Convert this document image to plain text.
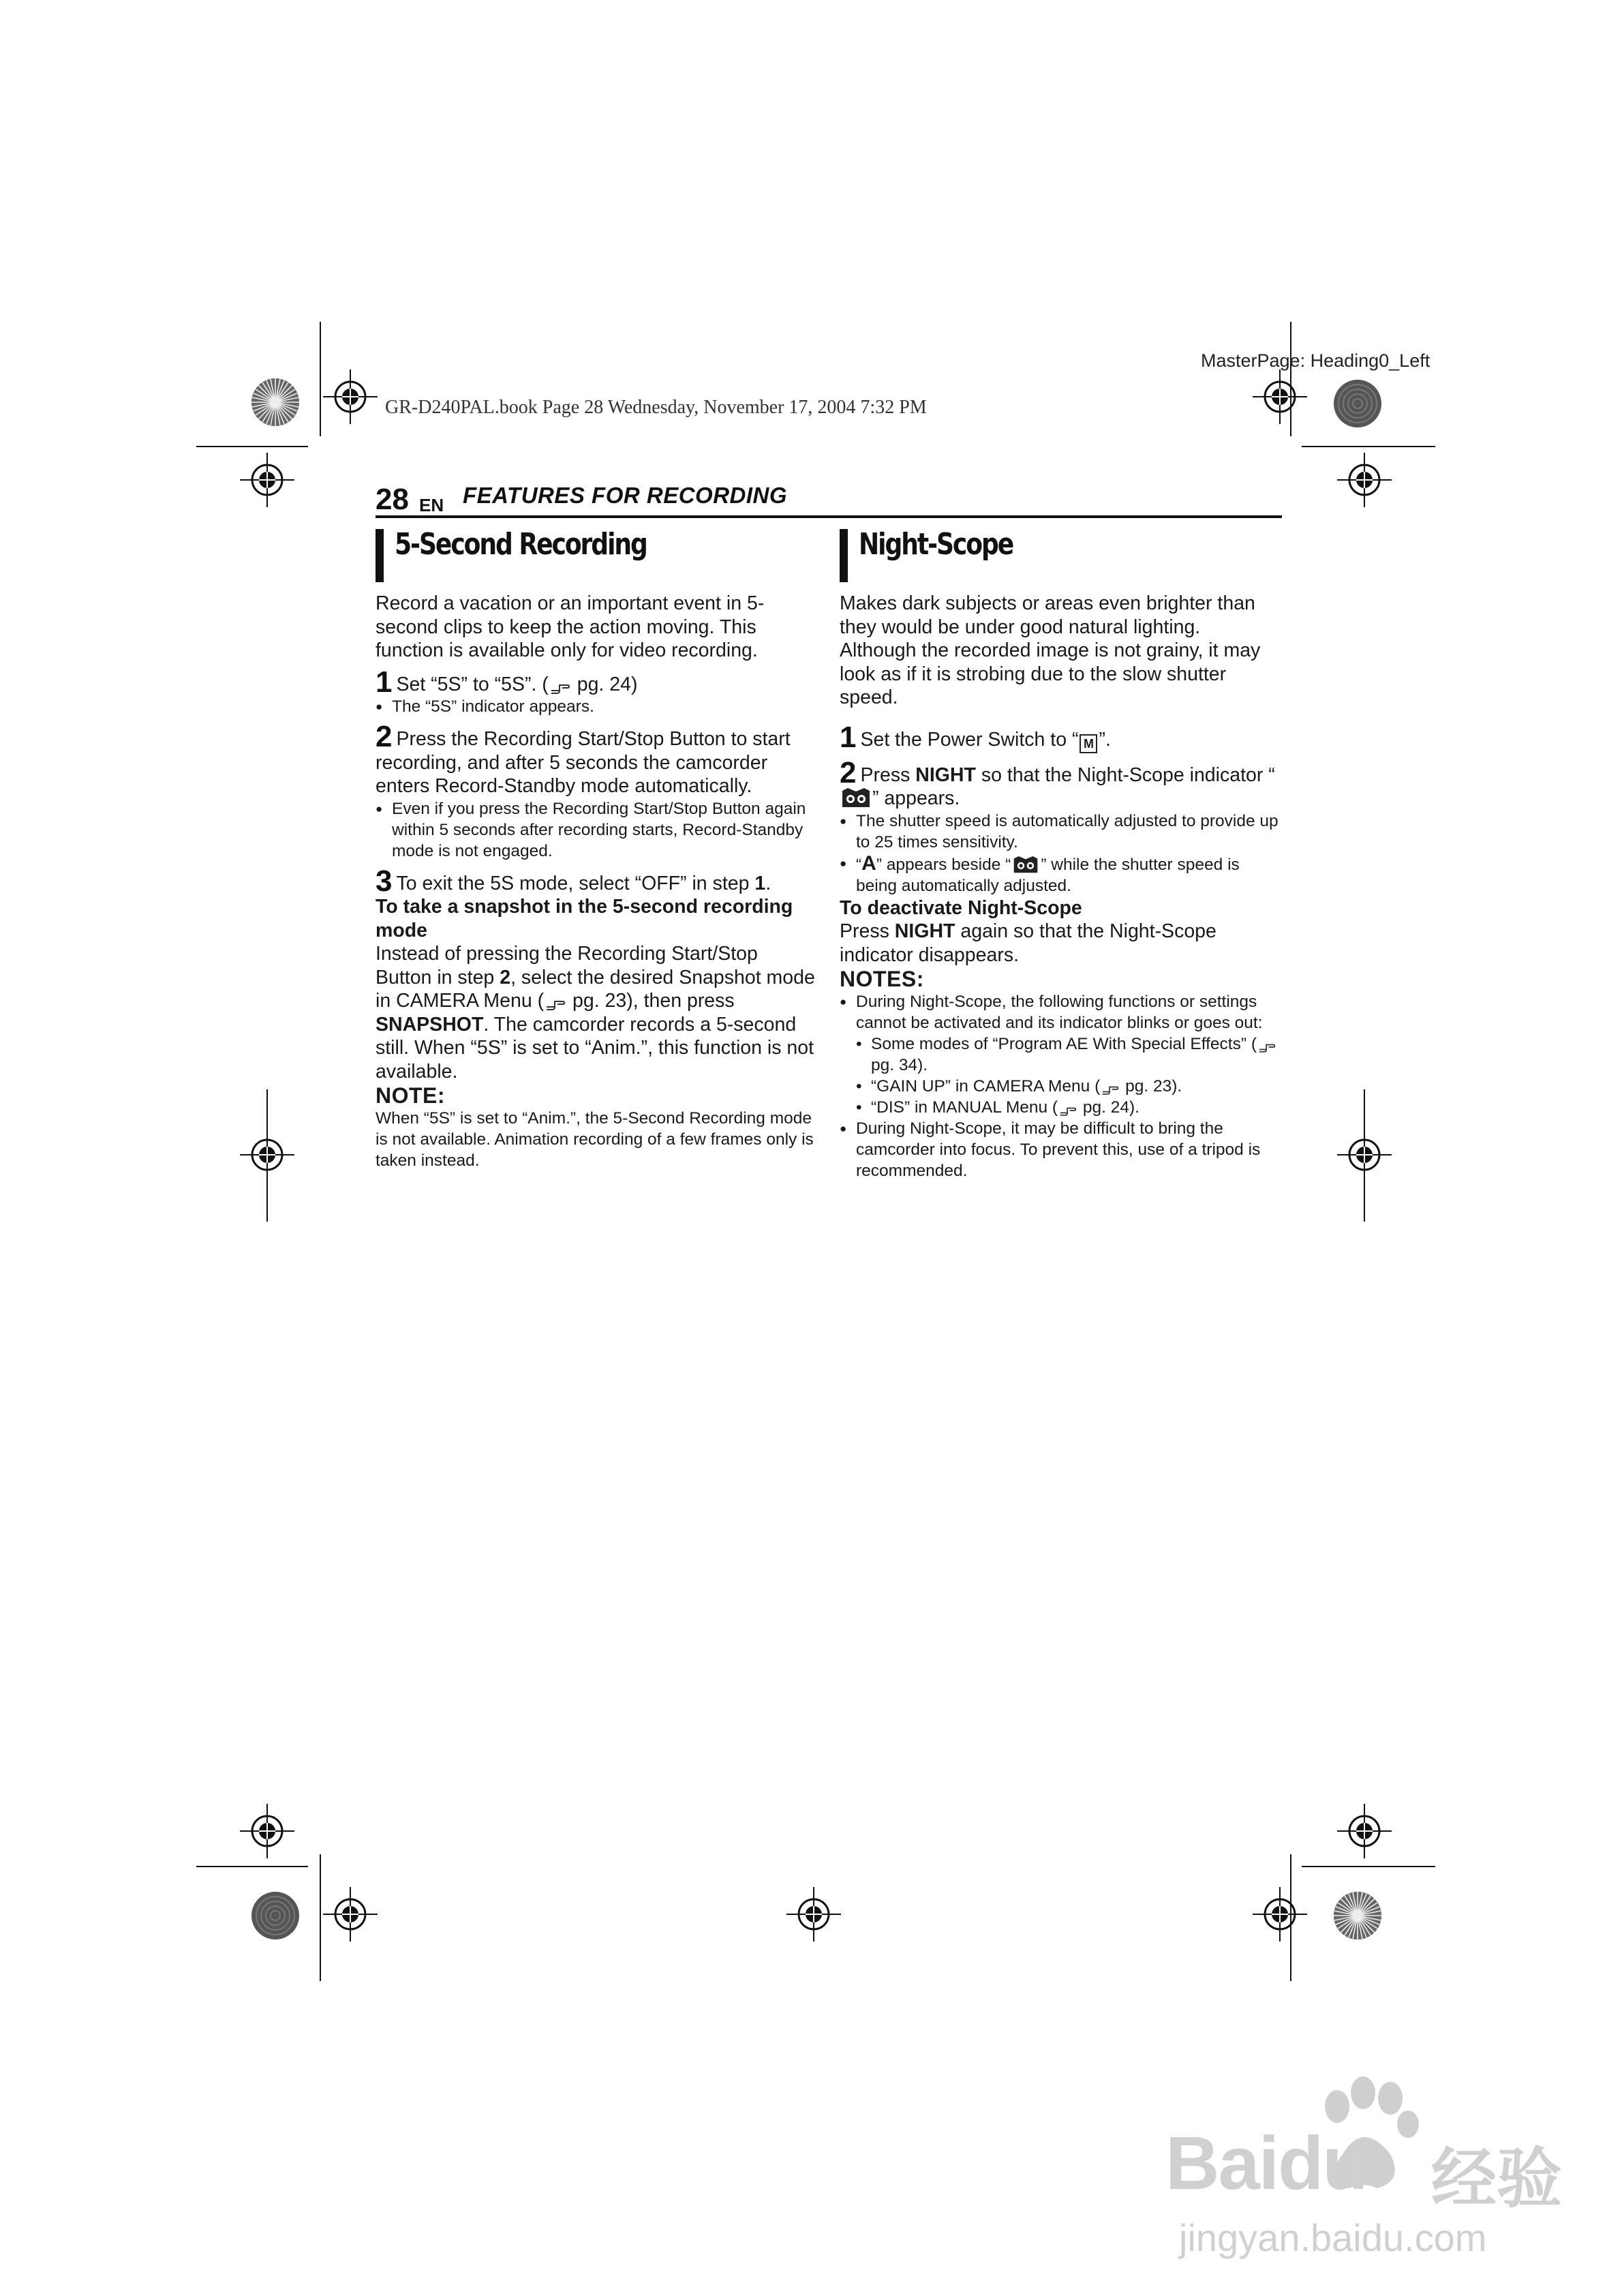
GR-D240PAL.book Page 28 Wednesday, November 17, 2004 7:32 PM
MasterPage: Heading0_Left
28 EN FEATURES FOR RECORDING
5-Second Recording

Record a vacation or an important event in 5-second clips to keep the action moving. This function is available only for video recording.

1 Set “5S” to “5S”. ( pg. 24)
● The “5S” indicator appears.
2 Press the Recording Start/Stop Button to start recording, and after 5 seconds the camcorder enters Record-Standby mode automatically.
● Even if you press the Recording Start/Stop Button again within 5 seconds after recording starts, Record-Standby mode is not engaged.
3 To exit the 5S mode, select “OFF” in step 1.

To take a snapshot in the 5-second recording mode

Instead of pressing the Recording Start/Stop Button in step 2, select the desired Snapshot mode in CAMERA Menu ( pg. 23), then press SNAPSHOT. The camcorder records a 5-second still. When “5S” is set to “Anim.”, this function is not available.

NOTE:

When “5S” is set to “Anim.”, the 5-Second Recording mode is not available. Animation recording of a few frames only is taken instead.

Night-Scope

Makes dark subjects or areas even brighter than they would be under good natural lighting. Although the recorded image is not grainy, it may look as if it is strobing due to the slow shutter speed.

1 Set the Power Switch to “ M ”.
2 Press NIGHT so that the Night-Scope indicator “” appears.
● The shutter speed is automatically adjusted to provide up to 25 times sensitivity.
● “A” appears beside “ ” while the shutter speed is being automatically adjusted.

To deactivate Night-Scope

Press NIGHT again so that the Night-Scope indicator disappears.

NOTES:

● During Night-Scope, the following functions or settings cannot be activated and its indicator blinks or goes out:
• Some modes of “Program AE With Special Effects” ( pg. 34).
• “GAIN UP” in CAMERA Menu ( pg. 23).
• “DIS” in MANUAL Menu ( pg. 24).
● During Night-Scope, it may be difficult to bring the camcorder into focus. To prevent this, use of a tripod is recommended.
Baidu 经验
jingyan.baidu.com
